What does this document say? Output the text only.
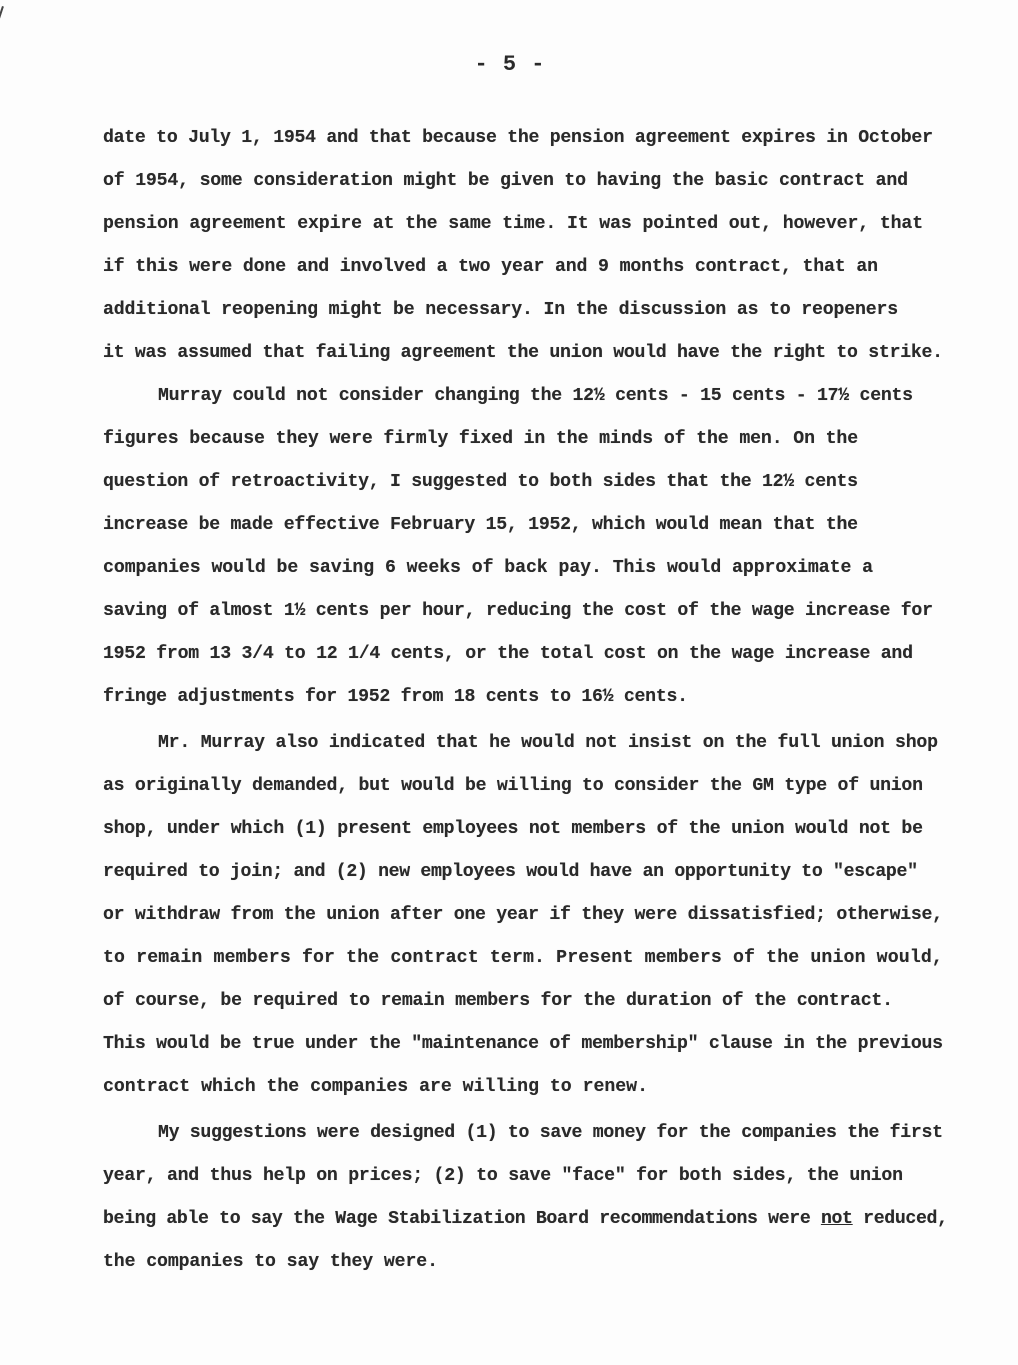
- 5 -
date to July 1, 1954 and that because the pension agreement expires in October
of 1954, some consideration might be given to having the basic contract and
pension agreement expire at the same time. It was pointed out, however, that
if this were done and involved a two year and 9 months contract, that an
additional reopening might be necessary. In the discussion as to reopeners
it was assumed that failing agreement the union would have the right to strike.
Murray could not consider changing the 12½ cents - 15 cents - 17½ cents
figures because they were firmly fixed in the minds of the men. On the
question of retroactivity, I suggested to both sides that the 12½ cents
increase be made effective February 15, 1952, which would mean that the
companies would be saving 6 weeks of back pay. This would approximate a
saving of almost 1½ cents per hour, reducing the cost of the wage increase for
1952 from 13 3/4 to 12 1/4 cents, or the total cost on the wage increase and
fringe adjustments for 1952 from 18 cents to 16½ cents.
Mr. Murray also indicated that he would not insist on the full union shop
as originally demanded, but would be willing to consider the GM type of union
shop, under which (1) present employees not members of the union would not be
required to join; and (2) new employees would have an opportunity to "escape"
or withdraw from the union after one year if they were dissatisfied; otherwise,
to remain members for the contract term. Present members of the union would,
of course, be required to remain members for the duration of the contract.
This would be true under the "maintenance of membership" clause in the previous
contract which the companies are willing to renew.
My suggestions were designed (1) to save money for the companies the first
year, and thus help on prices; (2) to save "face" for both sides, the union
being able to say the Wage Stabilization Board recommendations were not reduced,
the companies to say they were.
